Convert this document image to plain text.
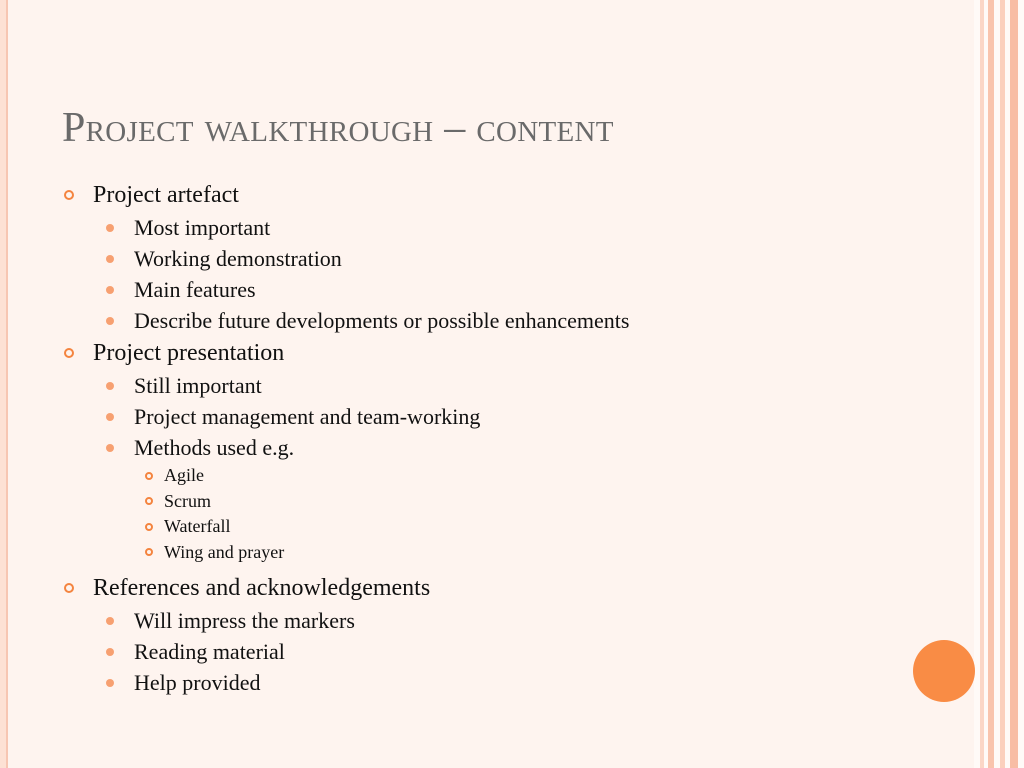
Project walkthrough – content
Project artefact
Most important
Working demonstration
Main features
Describe future developments or possible enhancements
Project presentation
Still important
Project management and team-working
Methods used e.g.
Agile
Scrum
Waterfall
Wing and prayer
References and acknowledgements
Will impress the markers
Reading material
Help provided
